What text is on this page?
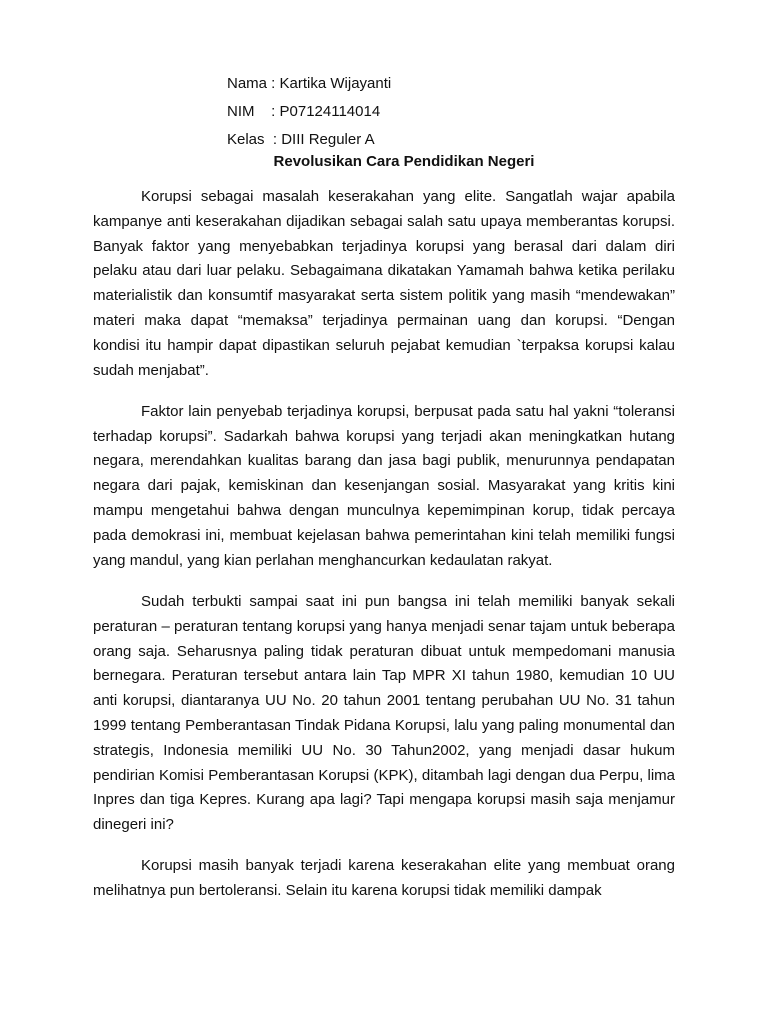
Nama : Kartika Wijayanti
NIM    : P07124114014
Kelas  : DIII Reguler A
Revolusikan Cara Pendidikan Negeri

Korupsi sebagai masalah keserakahan yang elite. Sangatlah wajar apabila kampanye anti keserakahan dijadikan sebagai salah satu upaya memberantas korupsi. Banyak faktor yang menyebabkan terjadinya korupsi yang berasal dari dalam diri pelaku atau dari luar pelaku. Sebagaimana dikatakan Yamamah bahwa ketika perilaku materialistik dan konsumtif masyarakat serta sistem politik yang masih “mendewakan” materi maka dapat “memaksa” terjadinya permainan uang dan korupsi. “Dengan kondisi itu hampir dapat dipastikan seluruh pejabat kemudian `terpaksa korupsi kalau sudah menjabat”.

Faktor lain penyebab terjadinya korupsi, berpusat pada satu hal yakni “toleransi terhadap korupsi”. Sadarkah bahwa korupsi yang terjadi akan meningkatkan hutang negara, merendahkan kualitas barang dan jasa bagi publik, menurunnya pendapatan negara dari pajak, kemiskinan dan kesenjangan sosial. Masyarakat yang kritis kini mampu mengetahui bahwa dengan munculnya kepemimpinan korup, tidak percaya pada demokrasi ini, membuat kejelasan bahwa pemerintahan kini telah memiliki fungsi yang mandul, yang kian perlahan menghancurkan kedaulatan rakyat.

Sudah terbukti sampai saat ini pun bangsa ini telah memiliki banyak sekali peraturan – peraturan tentang korupsi yang hanya menjadi senar tajam untuk beberapa orang saja. Seharusnya paling tidak peraturan dibuat untuk mempedomani manusia bernegara. Peraturan tersebut antara lain Tap MPR XI tahun 1980, kemudian 10 UU anti korupsi, diantaranya UU No. 20 tahun 2001 tentang perubahan UU No. 31 tahun 1999 tentang Pemberantasan Tindak Pidana Korupsi, lalu yang paling monumental dan strategis, Indonesia memiliki UU No. 30 Tahun2002, yang menjadi dasar hukum pendirian Komisi Pemberantasan Korupsi (KPK), ditambah lagi dengan dua Perpu, lima Inpres dan tiga Kepres. Kurang apa lagi? Tapi mengapa korupsi masih saja menjamur dinegeri ini?

Korupsi masih banyak terjadi karena keserakahan elite yang membuat orang melihatnya pun bertoleransi. Selain itu karena korupsi tidak memiliki dampak
